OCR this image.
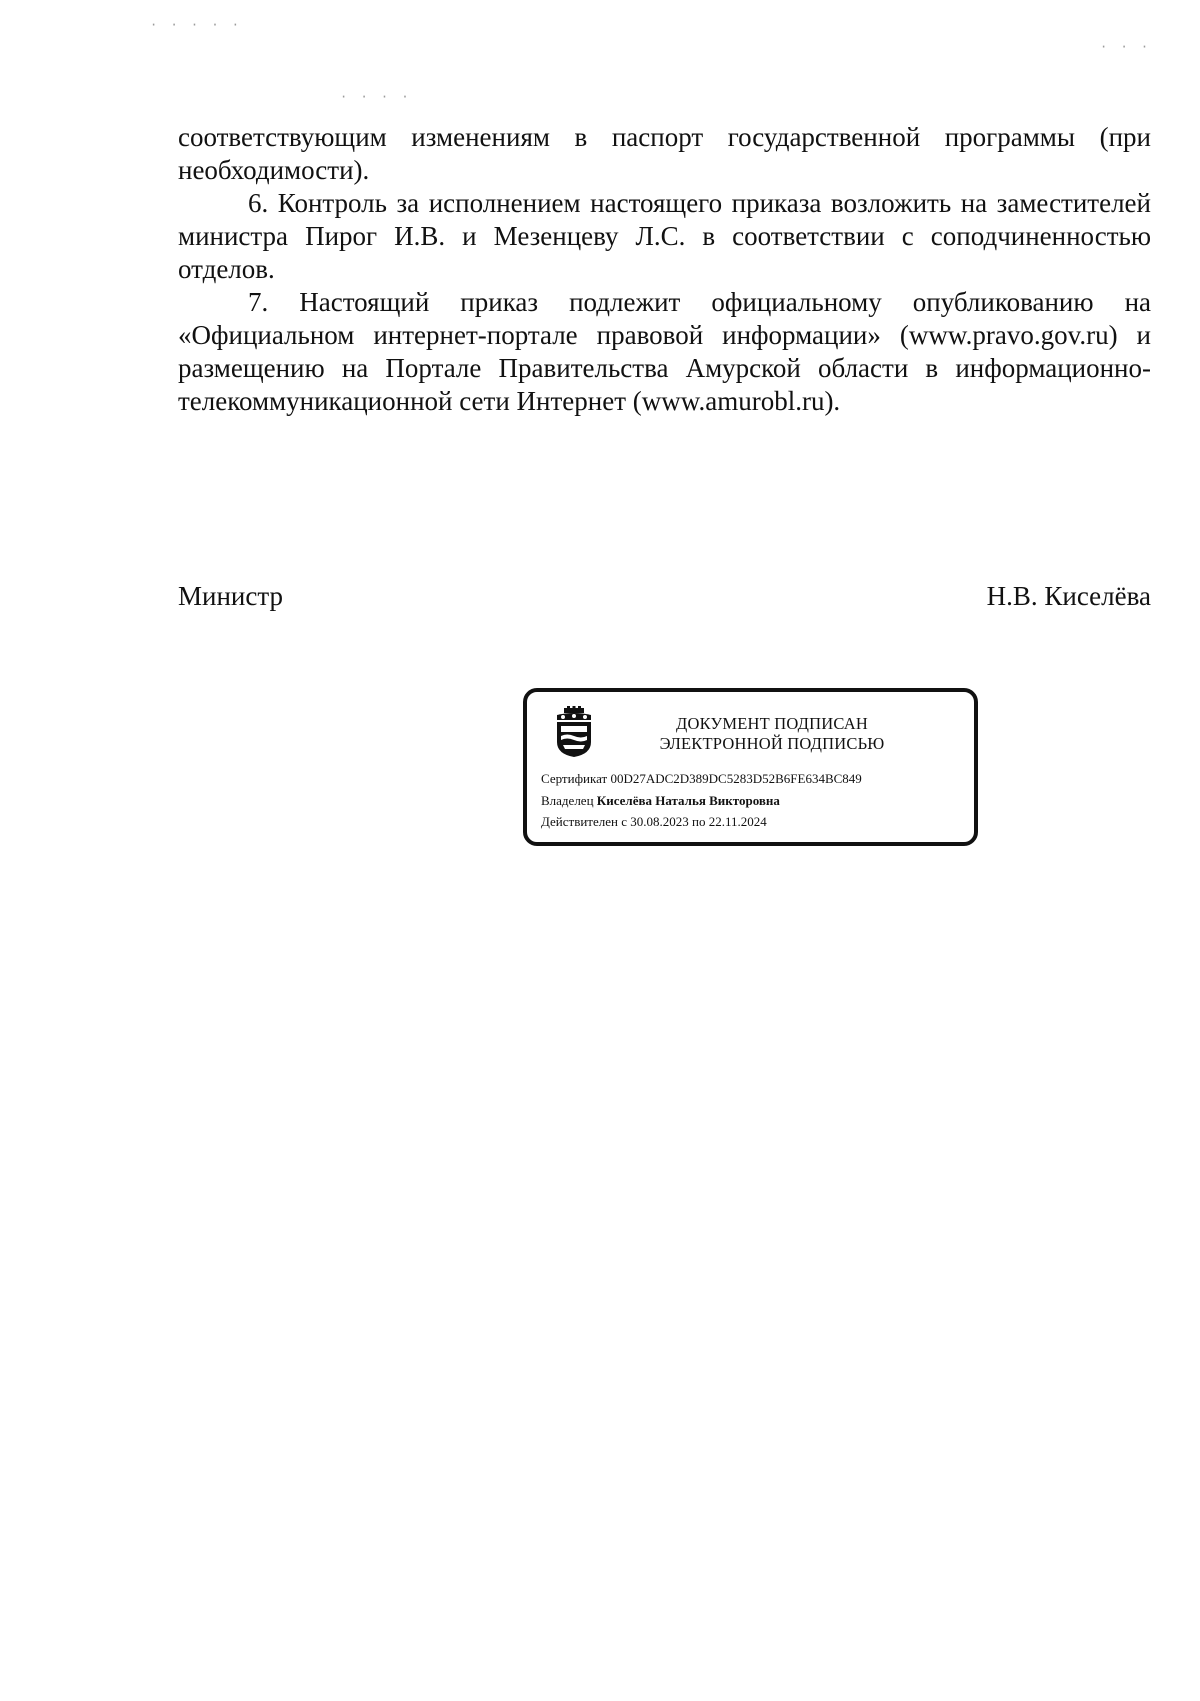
· · · · ·
· · ·
· · · ·

соответствующим изменениям в паспорт государственной программы (при необходимости).

6. Контроль за исполнением настоящего приказа возложить на заместителей министра Пирог И.В. и Мезенцеву Л.С. в соответствии с соподчиненностью отделов.

7. Настоящий приказ подлежит официальному опубликованию на «Официальном интернет-портале правовой информации» (www.pravo.gov.ru) и размещению на Портале Правительства Амурской области в информационно-телекоммуникационной сети Интернет (www.amurobl.ru).

Министр	Н.В. Киселёва
ДОКУМЕНТ ПОДПИСАН
ЭЛЕКТРОННОЙ ПОДПИСЬЮ
Сертификат 00D27ADC2D389DC5283D52B6FE634BC849
Владелец Киселёва Наталья Викторовна
Действителен с 30.08.2023 по 22.11.2024
